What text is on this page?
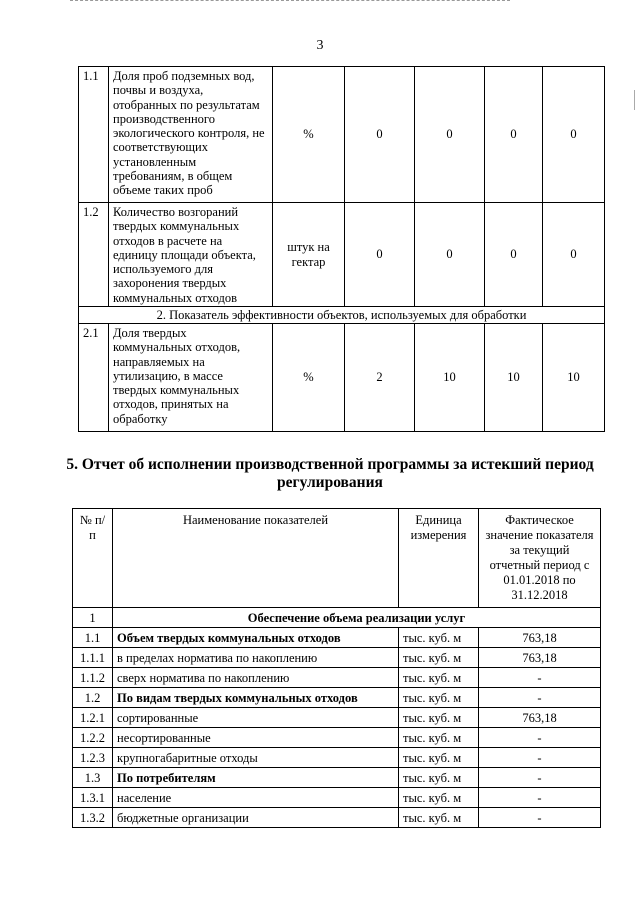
3
1.1	Доля проб подземных вод, почвы и воздуха, отобранных по результатам производственного экологического контроля, не соответствующих установленным требованиям, в общем объеме таких проб	%	0	0	0	0
1.2	Количество возгораний твердых коммунальных отходов в расчете на единицу площади объекта, используемого для захоронения твердых коммунальных отходов	штук на гектар	0	0	0	0
2. Показатель эффективности объектов, используемых для обработки						
2.1	Доля твердых коммунальных отходов, направляемых на утилизацию, в массе твердых коммунальных отходов, принятых на обработку	%	2	10	10	10
5. Отчет об исполнении производственной программы за истекший период регулирования
№ п/п	Наименование показателей	Единица измерения	Фактическое значение показателя за текущий отчетный период с 01.01.2018 по 31.12.2018
1	Обеспечение объема реализации услуг		
1.1	Объем твердых коммунальных отходов	тыс. куб. м	763,18
1.1.1	в пределах норматива по накоплению	тыс. куб. м	763,18
1.1.2	сверх норматива по накоплению	тыс. куб. м	-
1.2	По видам твердых коммунальных отходов	тыс. куб. м	-
1.2.1	сортированные	тыс. куб. м	763,18
1.2.2	несортированные	тыс. куб. м	-
1.2.3	крупногабаритные отходы	тыс. куб. м	-
1.3	По потребителям	тыс. куб. м	-
1.3.1	население	тыс. куб. м	-
1.3.2	бюджетные организации	тыс. куб. м	-
